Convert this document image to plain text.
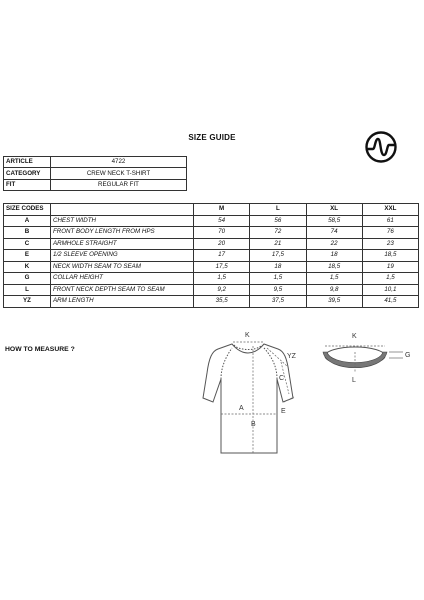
SIZE GUIDE
ARTICLE	4722
CATEGORY	CREW NECK T-SHIRT
FIT	REGULAR FIT
SIZE CODES		M	L	XL	XXL
A	CHEST WIDTH	54	56	58,5	61
B	FRONT BODY LENGTH FROM HPS	70	72	74	76
C	ARMHOLE STRAIGHT	20	21	22	23
E	1/2 SLEEVE OPENING	17	17,5	18	18,5
K	NECK WIDTH SEAM TO SEAM	17,5	18	18,5	19
G	COLLAR HEIGHT	1,5	1,5	1,5	1,5
L	FRONT NECK DEPTH SEAM TO SEAM	9,2	9,5	9,8	10,1
YZ	ARM LENGTH	35,5	37,5	39,5	41,5
HOW TO MEASURE ?
K
YZ
C
A
B
E
K
G
L
